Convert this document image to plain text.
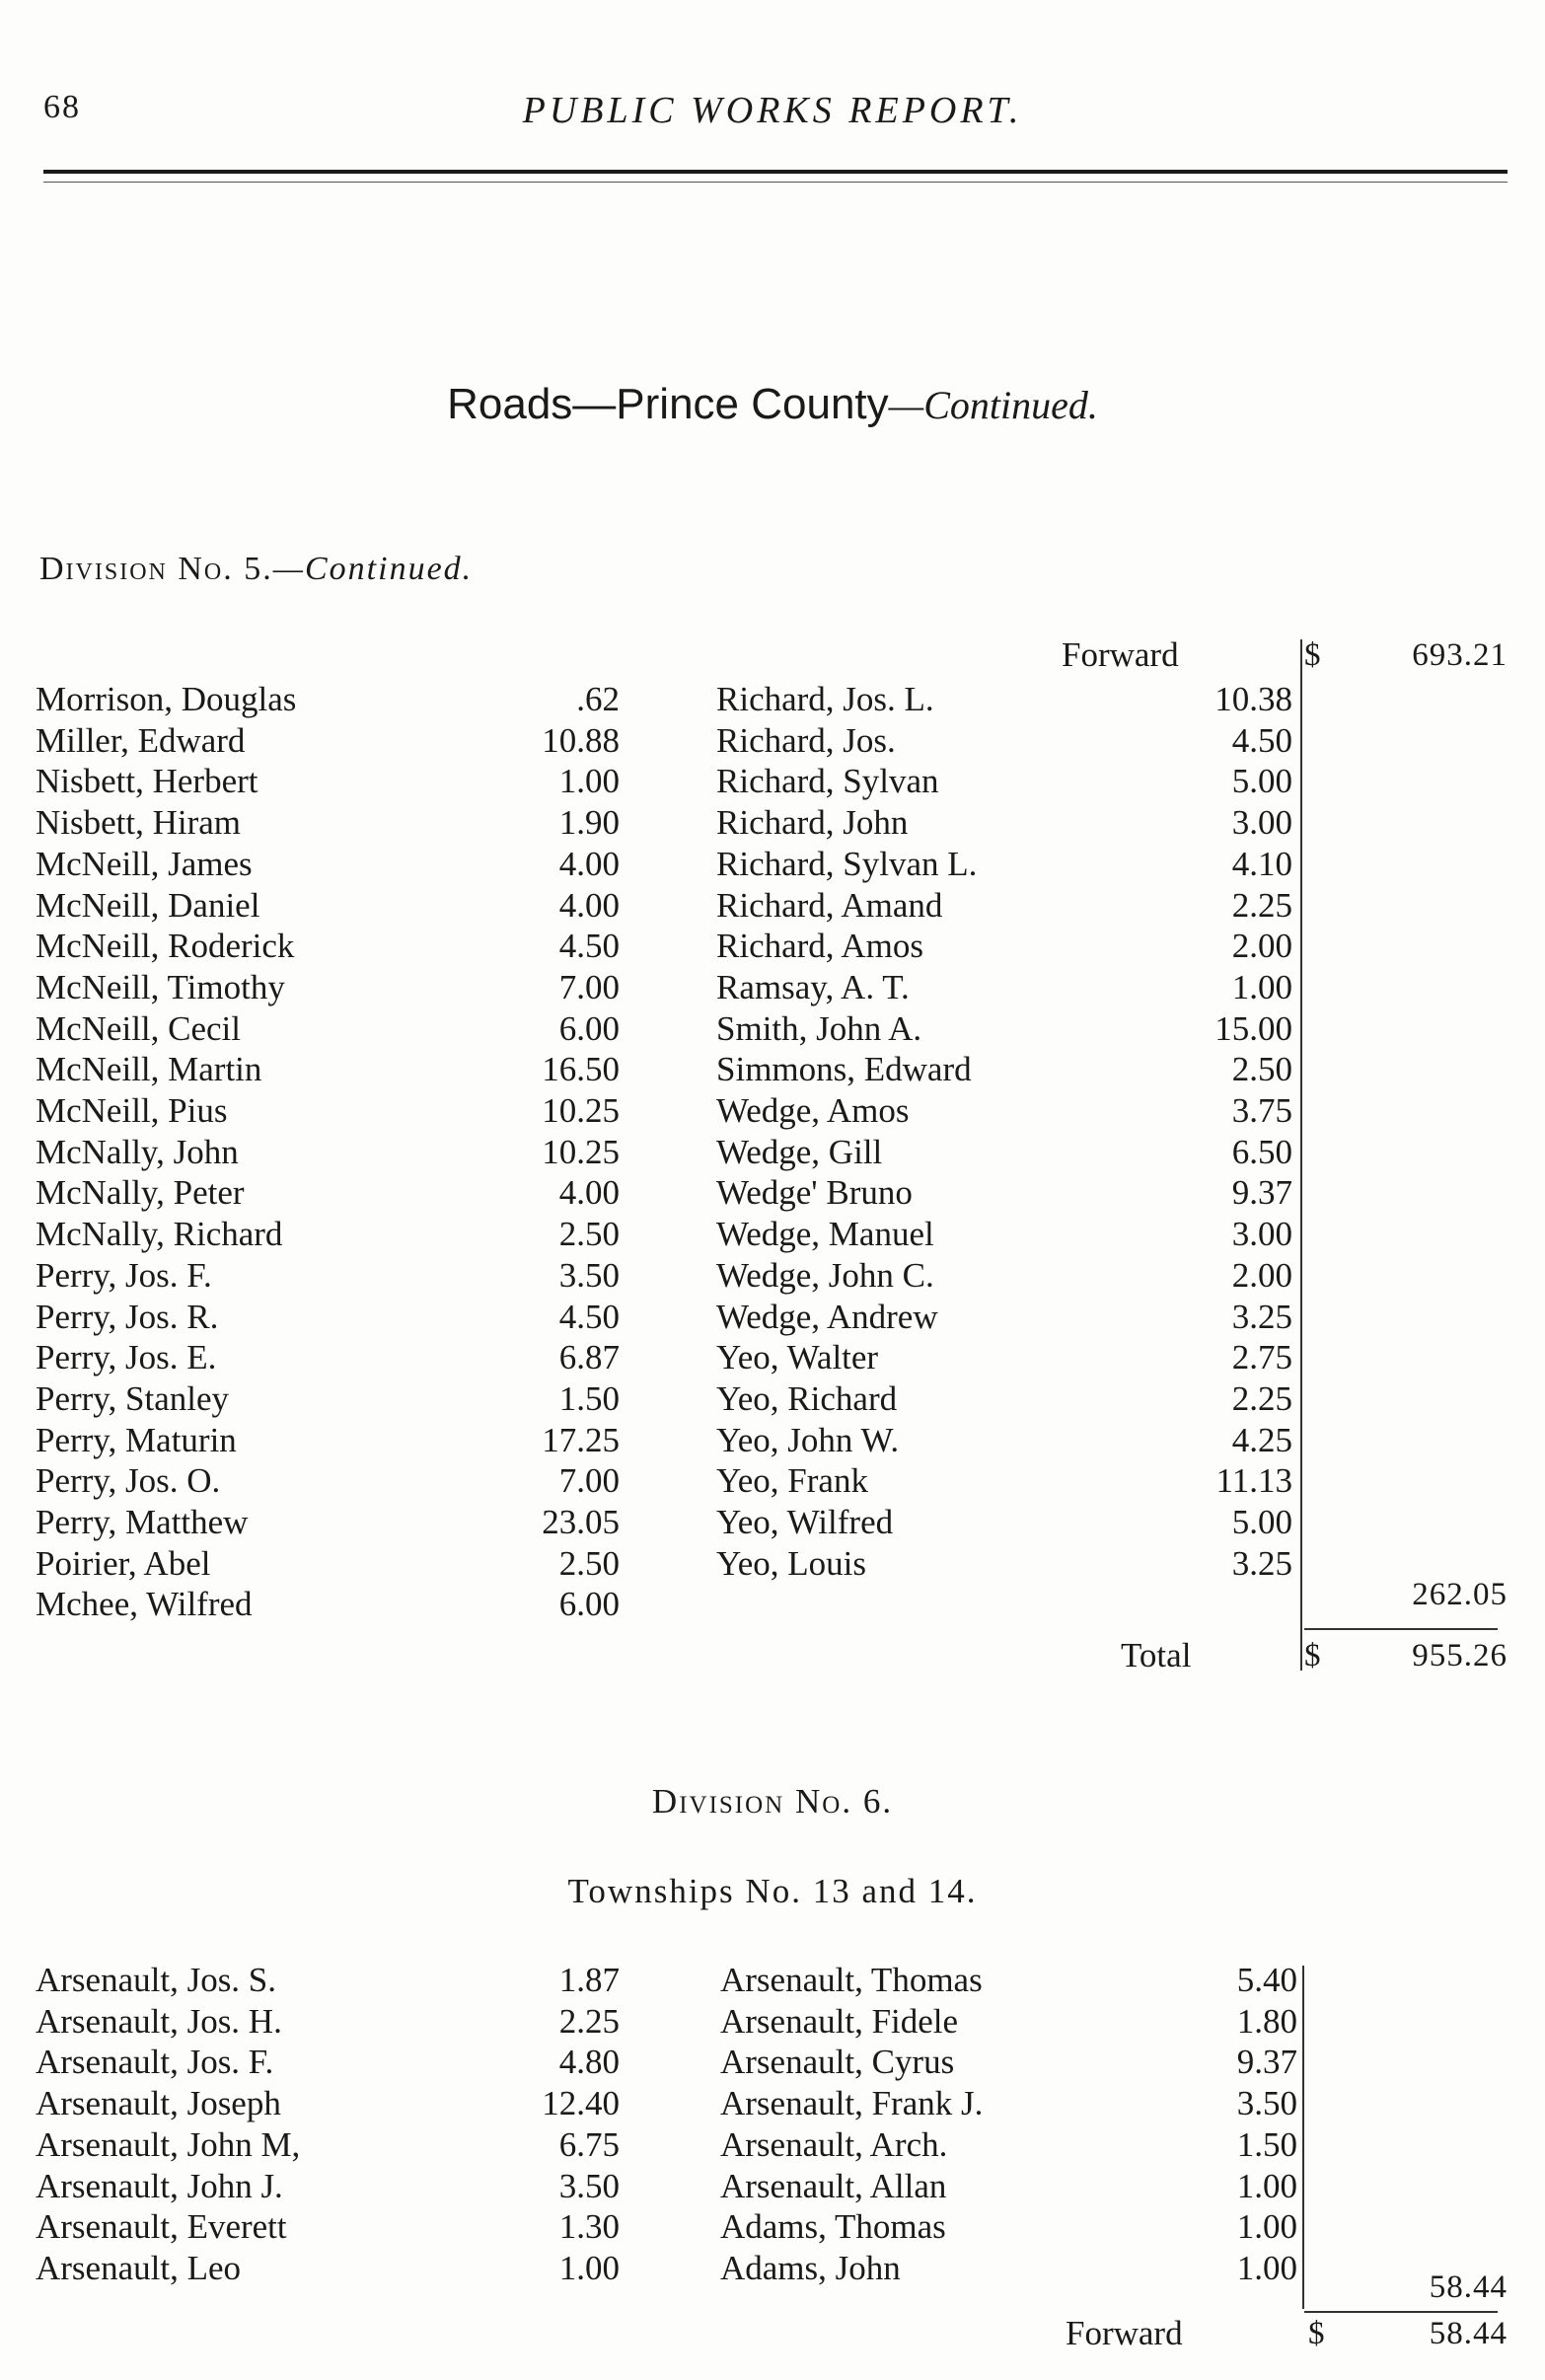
68	PUBLIC WORKS REPORT.
Roads—Prince County—Continued.
Division No. 5.—Continued.
Forward	$	693.21
Morrison, Douglas	.62
Miller, Edward	10.88
Nisbett, Herbert	1.00
Nisbett, Hiram	1.90
McNeill, James	4.00
McNeill, Daniel	4.00
McNeill, Roderick	4.50
McNeill, Timothy	7.00
McNeill, Cecil	6.00
McNeill, Martin	16.50
McNeill, Pius	10.25
McNally, John	10.25
McNally, Peter	4.00
McNally, Richard	2.50
Perry, Jos. F.	3.50
Perry, Jos. R.	4.50
Perry, Jos. E.	6.87
Perry, Stanley	1.50
Perry, Maturin	17.25
Perry, Jos. O.	7.00
Perry, Matthew	23.05
Poirier, Abel	2.50
Mchee, Wilfred	6.00
Richard, Jos. L.	10.38
Richard, Jos.	4.50
Richard, Sylvan	5.00
Richard, John	3.00
Richard, Sylvan L.	4.10
Richard, Amand	2.25
Richard, Amos	2.00
Ramsay, A. T.	1.00
Smith, John A.	15.00
Simmons, Edward	2.50
Wedge, Amos	3.75
Wedge, Gill	6.50
Wedge' Bruno	9.37
Wedge, Manuel	3.00
Wedge, John C.	2.00
Wedge, Andrew	3.25
Yeo, Walter	2.75
Yeo, Richard	2.25
Yeo, John W.	4.25
Yeo, Frank	11.13
Yeo, Wilfred	5.00
Yeo, Louis	3.25
262.05
Total	$	955.26
Division No. 6.
Townships No. 13 and 14.
Arsenault, Jos. S.	1.87
Arsenault, Jos. H.	2.25
Arsenault, Jos. F.	4.80
Arsenault, Joseph	12.40
Arsenault, John M,	6.75
Arsenault, John J.	3.50
Arsenault, Everett	1.30
Arsenault, Leo	1.00
Arsenault, Thomas	5.40
Arsenault, Fidele	1.80
Arsenault, Cyrus	9.37
Arsenault, Frank J.	3.50
Arsenault, Arch.	1.50
Arsenault, Allan	1.00
Adams, Thomas	1.00
Adams, John	1.00
58.44
Forward	$	58.44
